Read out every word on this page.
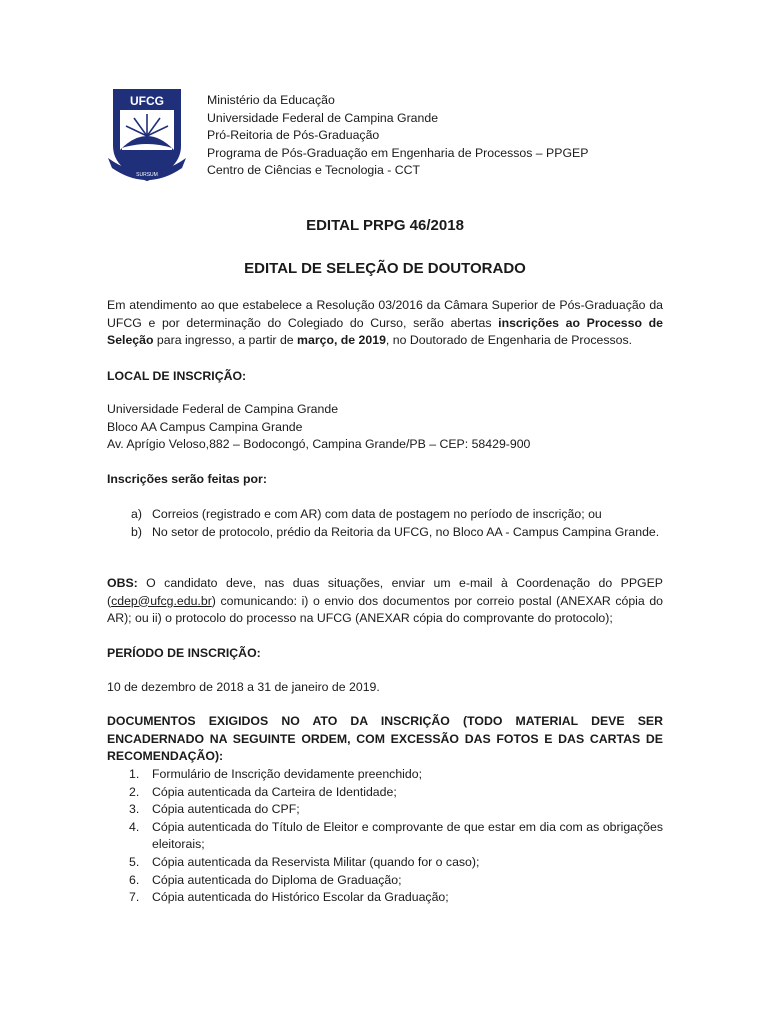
UFCG
SURSUM
Ministério da Educação
Universidade Federal de Campina Grande
Pró-Reitoria de Pós-Graduação
Programa de Pós-Graduação em Engenharia de Processos – PPGEP
Centro de Ciências e Tecnologia - CCT
EDITAL PRPG 46/2018
EDITAL DE SELEÇÃO DE DOUTORADO
Em atendimento ao que estabelece a Resolução 03/2016 da Câmara Superior de Pós-Graduação da UFCG e por determinação do Colegiado do Curso, serão abertas inscrições ao Processo de Seleção para ingresso, a partir de março, de 2019, no Doutorado de Engenharia de Processos.
LOCAL DE INSCRIÇÃO:
Universidade Federal de Campina Grande
Bloco AA Campus Campina Grande
Av. Aprígio Veloso,882 – Bodocongó, Campina Grande/PB – CEP: 58429-900
Inscrições serão feitas por:
a) Correios (registrado e com AR) com data de postagem no período de inscrição; ou
b) No setor de protocolo, prédio da Reitoria da UFCG, no Bloco AA - Campus Campina Grande.
OBS: O candidato deve, nas duas situações, enviar um e-mail à Coordenação do PPGEP (cdep@ufcg.edu.br) comunicando: i) o envio dos documentos por correio postal (ANEXAR cópia do AR); ou ii) o protocolo do processo na UFCG (ANEXAR cópia do comprovante do protocolo);
PERÍODO DE INSCRIÇÃO:
10 de dezembro de 2018 a 31 de janeiro de 2019.
DOCUMENTOS EXIGIDOS NO ATO DA INSCRIÇÃO (TODO MATERIAL DEVE SER ENCADERNADO NA SEGUINTE ORDEM, COM EXCESSÃO DAS FOTOS E DAS CARTAS DE RECOMENDAÇÃO):
1. Formulário de Inscrição devidamente preenchido;
2. Cópia autenticada da Carteira de Identidade;
3. Cópia autenticada do CPF;
4. Cópia autenticada do Título de Eleitor e comprovante de que estar em dia com as obrigações eleitorais;
5. Cópia autenticada da Reservista Militar (quando for o caso);
6. Cópia autenticada do Diploma de Graduação;
7. Cópia autenticada do Histórico Escolar da Graduação;
